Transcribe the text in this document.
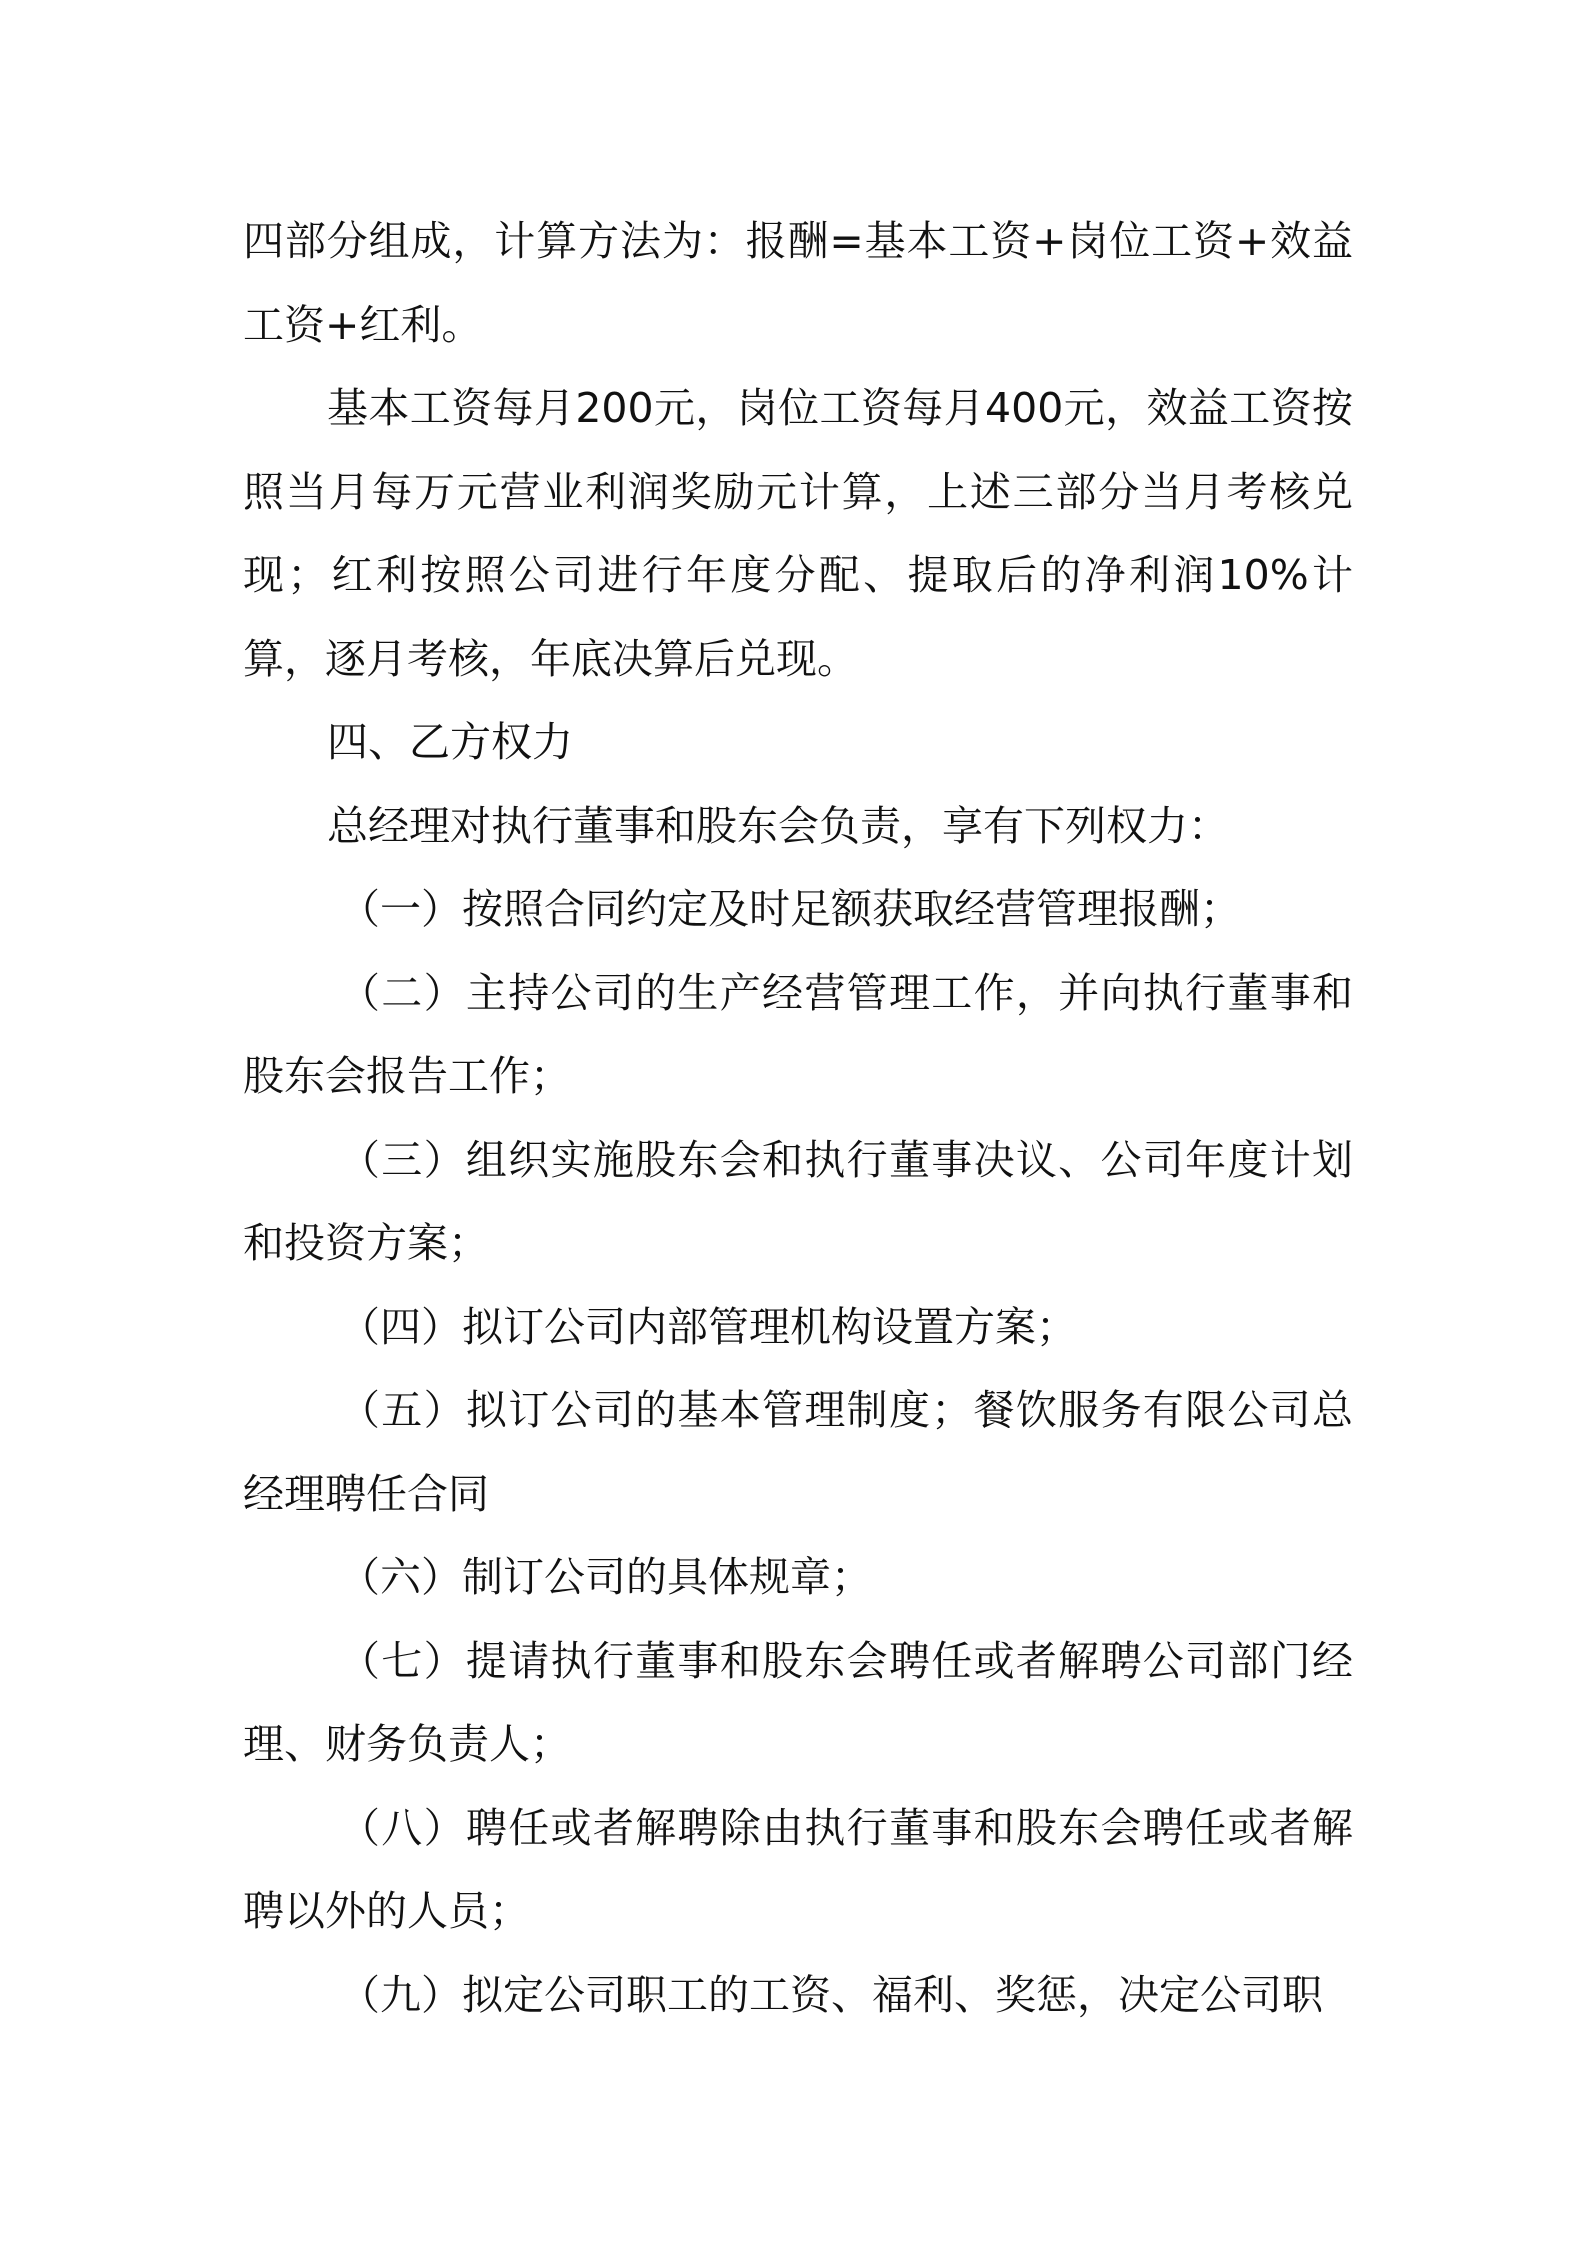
四部分组成，计算方法为：报酬=基本工资+岗位工资+效益工资+红利。

基本工资每月200元，岗位工资每月400元，效益工资按照当月每万元营业利润奖励元计算，上述三部分当月考核兑现；红利按照公司进行年度分配、提取后的净利润10%计算，逐月考核，年底决算后兑现。

四、乙方权力

总经理对执行董事和股东会负责，享有下列权力：

（一）按照合同约定及时足额获取经营管理报酬；

（二）主持公司的生产经营管理工作，并向执行董事和股东会报告工作；

（三）组织实施股东会和执行董事决议、公司年度计划和投资方案；

（四）拟订公司内部管理机构设置方案；

（五）拟订公司的基本管理制度；餐饮服务有限公司总经理聘任合同

（六）制订公司的具体规章；

（七）提请执行董事和股东会聘任或者解聘公司部门经理、财务负责人；

（八）聘任或者解聘除由执行董事和股东会聘任或者解聘以外的人员；

（九）拟定公司职工的工资、福利、奖惩，决定公司职
